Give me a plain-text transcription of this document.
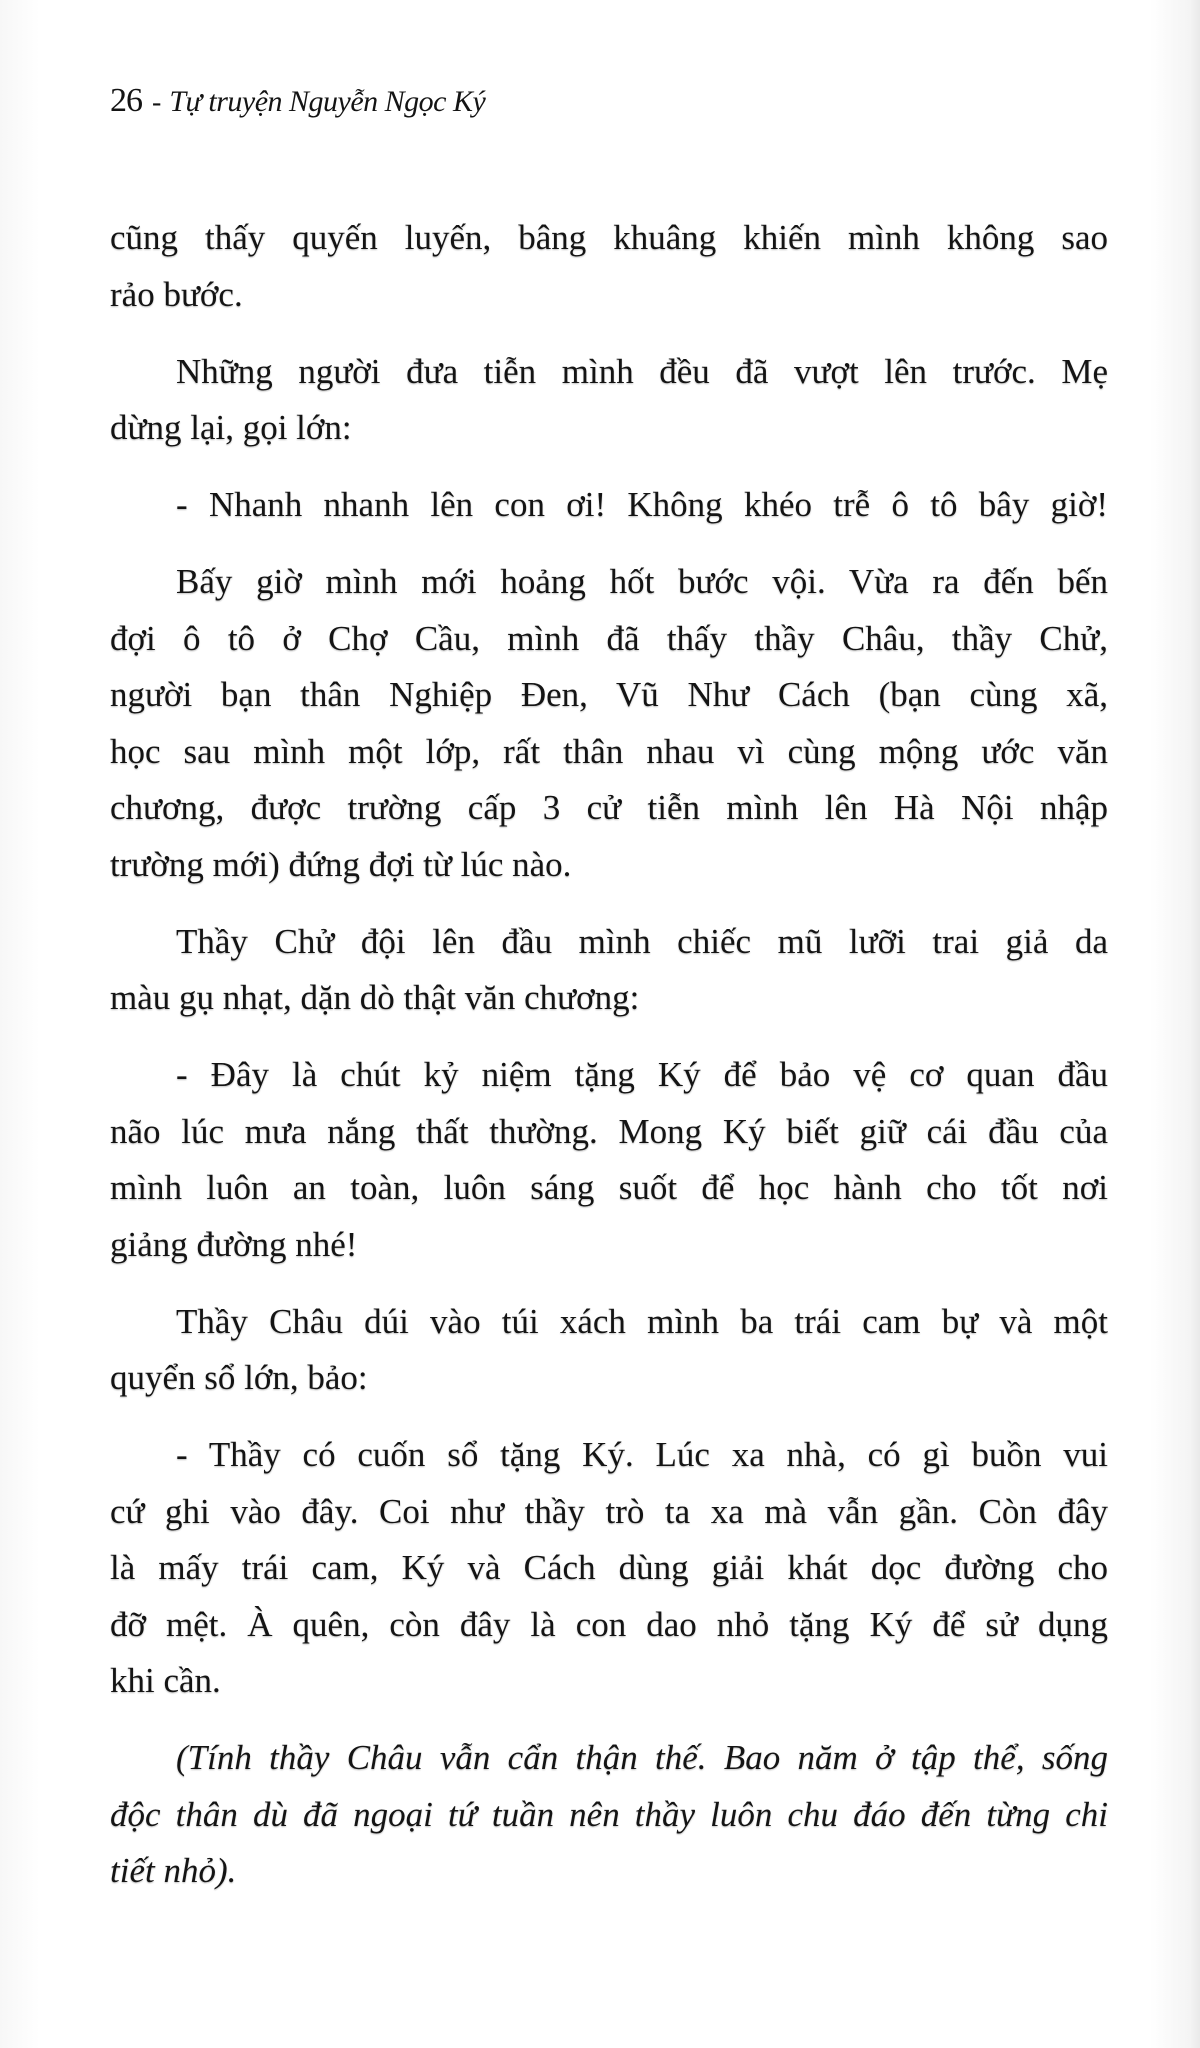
26 - Tự truyện Nguyễn Ngọc Ký
cũng thấy quyến luyến, bâng khuâng khiến mình không sao
rảo bước.
Những người đưa tiễn mình đều đã vượt lên trước. Mẹ
dừng lại, gọi lớn:
- Nhanh nhanh lên con ơi! Không khéo trễ ô tô bây giờ!
Bấy giờ mình mới hoảng hốt bước vội. Vừa ra đến bến
đợi ô tô ở Chợ Cầu, mình đã thấy thầy Châu, thầy Chử,
người bạn thân Nghiệp Đen, Vũ Như Cách (bạn cùng xã,
học sau mình một lớp, rất thân nhau vì cùng mộng ước văn
chương, được trường cấp 3 cử tiễn mình lên Hà Nội nhập
trường mới) đứng đợi từ lúc nào.
Thầy Chử đội lên đầu mình chiếc mũ lưỡi trai giả da
màu gụ nhạt, dặn dò thật văn chương:
- Đây là chút kỷ niệm tặng Ký để bảo vệ cơ quan đầu
não lúc mưa nắng thất thường. Mong Ký biết giữ cái đầu của
mình luôn an toàn, luôn sáng suốt để học hành cho tốt nơi
giảng đường nhé!
Thầy Châu dúi vào túi xách mình ba trái cam bự và một
quyển sổ lớn, bảo:
- Thầy có cuốn sổ tặng Ký. Lúc xa nhà, có gì buồn vui
cứ ghi vào đây. Coi như thầy trò ta xa mà vẫn gần. Còn đây
là mấy trái cam, Ký và Cách dùng giải khát dọc đường cho
đỡ mệt. À quên, còn đây là con dao nhỏ tặng Ký để sử dụng
khi cần.
(Tính thầy Châu vẫn cẩn thận thế. Bao năm ở tập thể, sống
độc thân dù đã ngoại tứ tuần nên thầy luôn chu đáo đến từng chi
tiết nhỏ).
